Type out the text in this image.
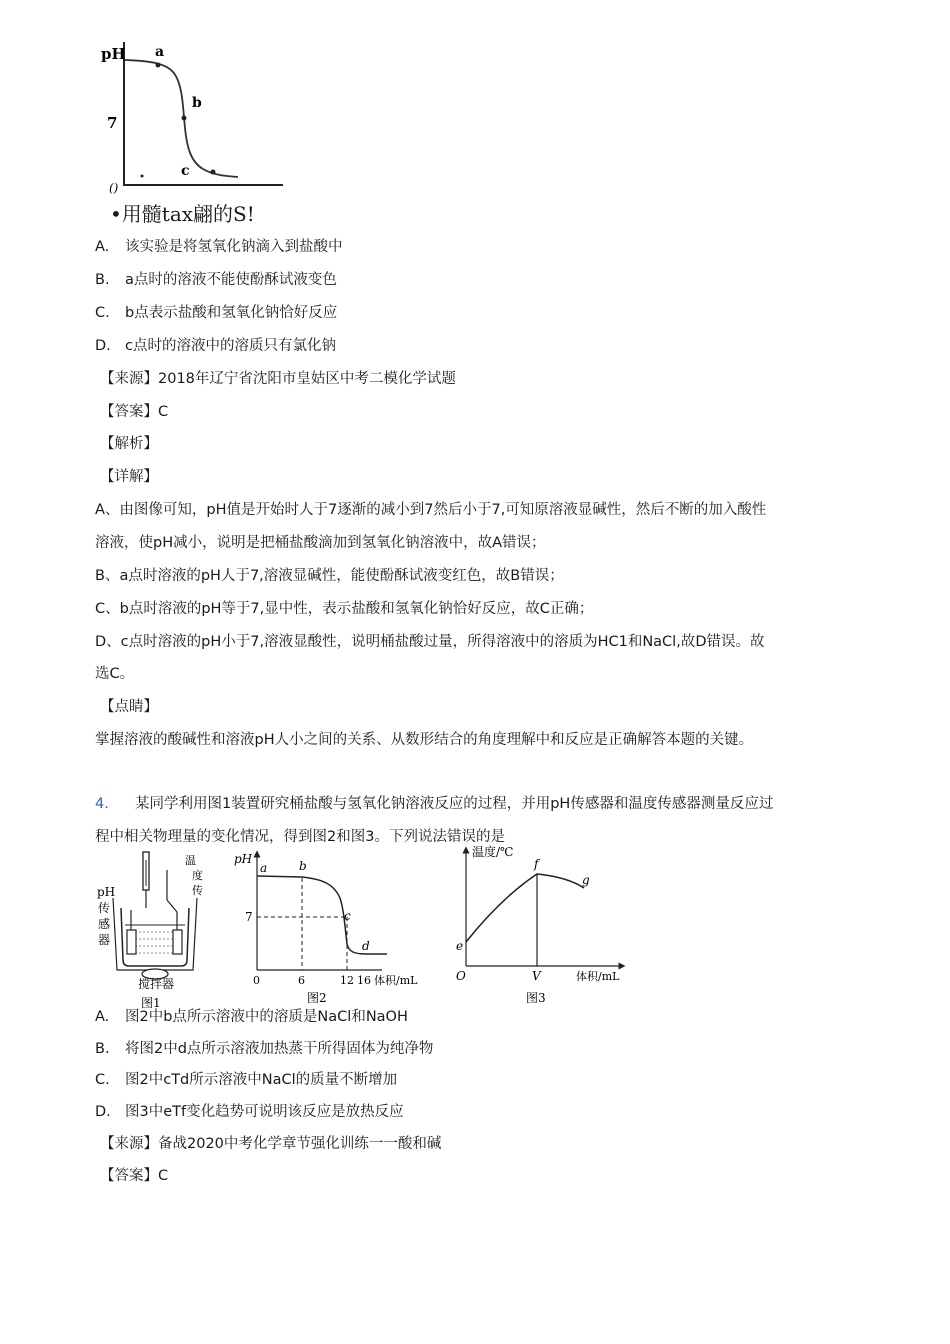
pH
7
()
a
b
c
•用髓tax翩的S!
A. 该实验是将氢氧化钠滴入到盐酸中
B. a点时的溶液不能使酚酥试液变色
C. b点表示盐酸和氢氧化钠恰好反应
D. c点时的溶液中的溶质只有氯化钠
【来源】2018年辽宁省沈阳市皇姑区中考二模化学试题
【答案】C
【解析】
【详解】
A、由图像可知，pH值是开始时人于7逐渐的减小到7然后小于7,可知原溶液显碱性，然后不断的加入酸性
溶液，使pH减小，说明是把桶盐酸滴加到氢氧化钠溶液中，故A错误；
B、a点时溶液的pH人于7,溶液显碱性，能使酚酥试液变红色，故B错误；
C、b点时溶液的pH等于7,显中性，表示盐酸和氢氧化钠恰好反应，故C正确；
D、c点时溶液的pH小于7,溶液显酸性，说明桶盐酸过量，所得溶液中的溶质为HC1和NaCl,故D错误。故
选C。
【点睛】
掌握溶液的酸碱性和溶液pH人小之间的关系、从数形结合的角度理解中和反应是正确解答本题的关键。
4. 某同学利用图1装置研究桶盐酸与氢氧化钠溶液反应的过程，并用pH传感器和温度传感器测量反应过
程中相关物理量的变化情况，得到图2和图3。下列说法错误的是
温
度
传
pH
传
感
器
搅拌器
图1
pH
7
a	b
c
d
0	6	12 16 体积/mL
图2
温度/℃
e
f
g
O	V	体积/mL
图3
A. 图2中b点所示溶液中的溶质是NaCl和NaOH
B. 将图2中d点所示溶液加热蒸干所得固体为纯净物
C. 图2中cTd所示溶液中NaCl的质量不断增加
D. 图3中eTf变化趋势可说明该反应是放热反应
【来源】备战2020中考化学章节强化训练一一酸和碱
【答案】C
